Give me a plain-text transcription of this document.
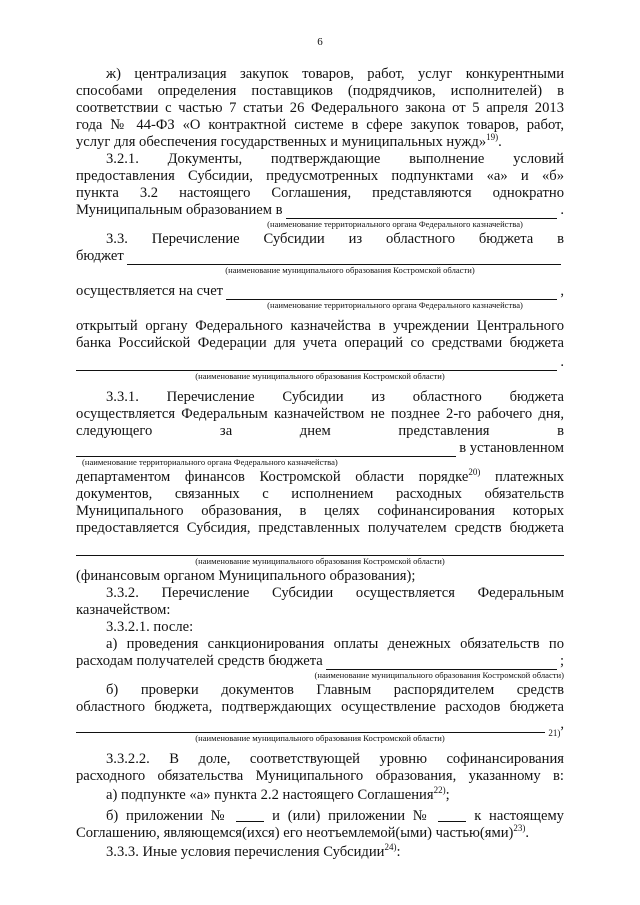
6

ж) централизация закупок товаров, работ, услуг конкурентными

способами определения поставщиков (подрядчиков, исполнителей) в

соответствии с частью 7 статьи 26 Федерального закона от 5 апреля 2013

года № 44-ФЗ «О контрактной системе в сфере закупок товаров, работ,

услуг для обеспечения государственных и муниципальных нужд»$^{19)}$.

3.2.1. Документы, подтверждающие выполнение условий

предоставления Субсидии, предусмотренных подпунктами «а» и «б»

пункта 3.2 настоящего Соглашения, представляются однократно

Муниципальным образованием в	.

(наименование территориального органа Федерального казначейства)

3.3. Перечисление Субсидии из областного бюджета в

бюджет

(наименование муниципального образования Костромской области)

осуществляется на счет	,

(наименование территориального органа Федерального казначейства)

открытый органу Федерального казначейства в учреждении Центрального

банка Российской Федерации для учета операций со средствами бюджета

.

(наименование муниципального образования Костромской области)

3.3.1. Перечисление Субсидии из областного бюджета

осуществляется Федеральным казначейством не позднее 2-го рабочего дня,

следующего за днем представления в

в установленном

(наименование территориального органа Федерального казначейства)

департаментом финансов Костромской области порядке$^{20)}$ платежных

документов, связанных с исполнением расходных обязательств

Муниципального образования, в целях софинансирования которых

предоставляется Субсидия, представленных получателем средств бюджета

(наименование муниципального образования Костромской области)

(финансовым органом Муниципального образования);

3.3.2. Перечисление Субсидии осуществляется Федеральным

казначейством:

3.3.2.1. после:

а) проведения санкционирования оплаты денежных обязательств по

расходам получателей средств бюджета	;

(наименование муниципального образования Костромской области)

б) проверки документов Главным распорядителем средств

областного бюджета, подтверждающих осуществление расходов бюджета

21)
,

(наименование муниципального образования Костромской области)

3.3.2.2. В доле, соответствующей уровню софинансирования

расходного обязательства Муниципального образования, указанному в:

а) подпункте «а» пункта 2.2 настоящего Соглашения$^{22)}$;

б) приложении №	и (или) приложении №	к настоящему

Соглашению, являющемся(ихся) его неотъемлемой(ыми) частью(ями)$^{23)}$.

3.3.3. Иные условия перечисления Субсидии$^{24)}$:
